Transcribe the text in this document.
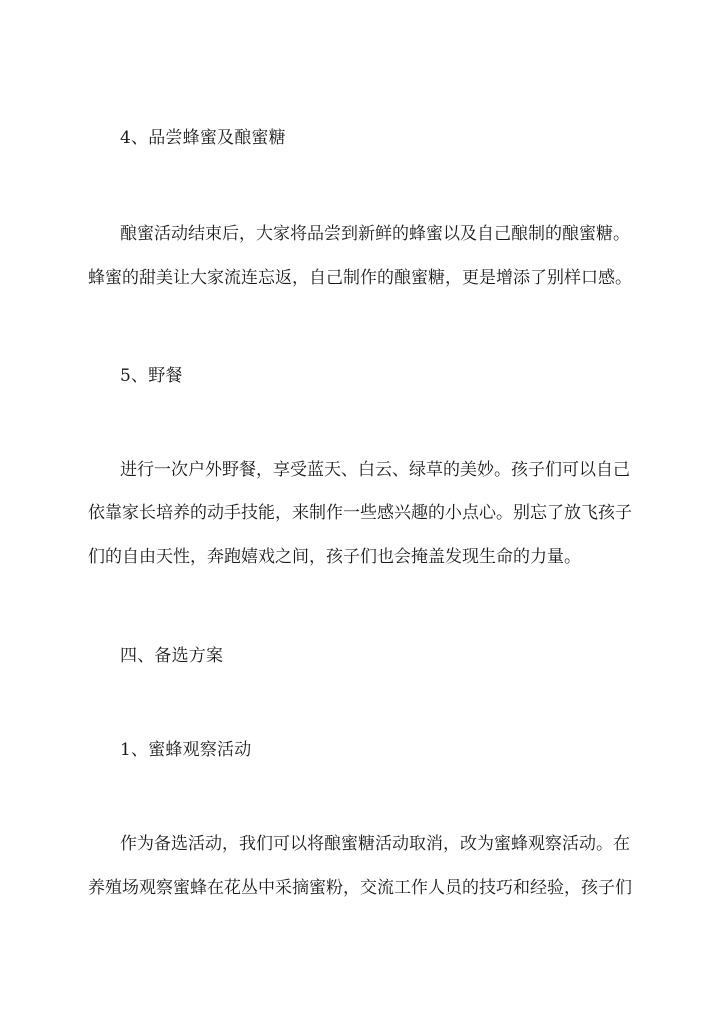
4、品尝蜂蜜及酿蜜糖
酿蜜活动结束后，大家将品尝到新鲜的蜂蜜以及自己酿制的酿蜜糖。
蜂蜜的甜美让大家流连忘返，自己制作的酿蜜糖，更是增添了别样口感。
5、野餐
进行一次户外野餐，享受蓝天、白云、绿草的美妙。孩子们可以自己
依靠家长培养的动手技能，来制作一些感兴趣的小点心。别忘了放飞孩子
们的自由天性，奔跑嬉戏之间，孩子们也会掩盖发现生命的力量。
四、备选方案
1、蜜蜂观察活动
作为备选活动，我们可以将酿蜜糖活动取消，改为蜜蜂观察活动。在
养殖场观察蜜蜂在花丛中采摘蜜粉，交流工作人员的技巧和经验，孩子们
